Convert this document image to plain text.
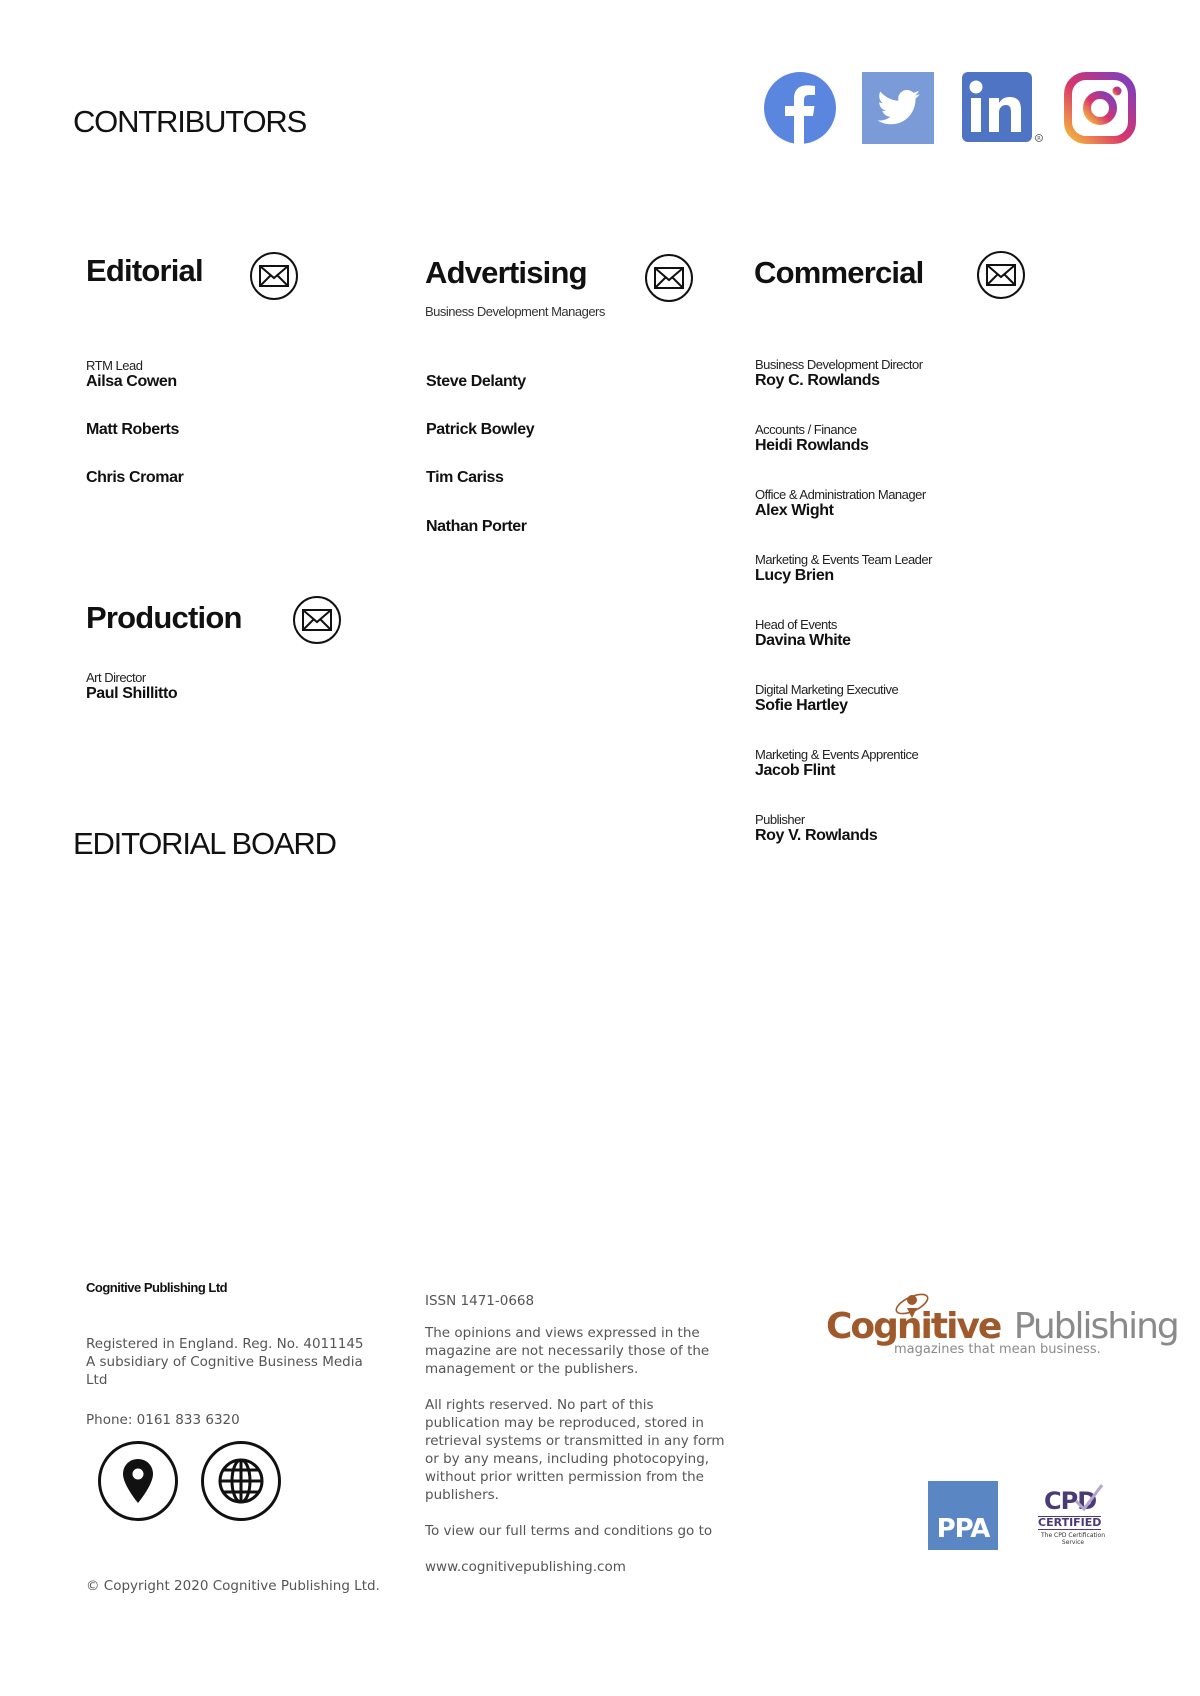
CONTRIBUTORS	R
Editorial
RTM Lead
Ailsa Cowen
Matt Roberts
Chris Cromar
Advertising
Business Development Managers
Steve Delanty
Patrick Bowley
Tim Cariss
Nathan Porter
Commercial
Business Development Director
Roy C. Rowlands
Accounts / Finance
Heidi Rowlands
Office & Administration Manager
Alex Wight
Marketing & Events Team Leader
Lucy Brien
Head of Events
Davina White
Digital Marketing Executive
Sofie Hartley
Marketing & Events Apprentice
Jacob Flint
Publisher
Roy V. Rowlands
Production
Art Director
Paul Shillitto
EDITORIAL BOARD
Cognitive Publishing Ltd

Registered in England. Reg. No. 4011145

A subsidiary of Cognitive Business Media Ltd

Phone: 0161 833 6320
© Copyright 2020 Cognitive Publishing Ltd.

ISSN 1471-0668

The opinions and views expressed in the magazine are not necessarily those of the management or the publishers.

All rights reserved. No part of this publication may be reproduced, stored in retrieval systems or transmitted in any form or by any means, including photocopying, without prior written permission from the publishers.

To view our full terms and conditions go to

www.cognitivepublishing.com

Cognitive Publishing
magazines that mean business.
PPA
CPD
CERTIFIED
The CPD Certification Service
